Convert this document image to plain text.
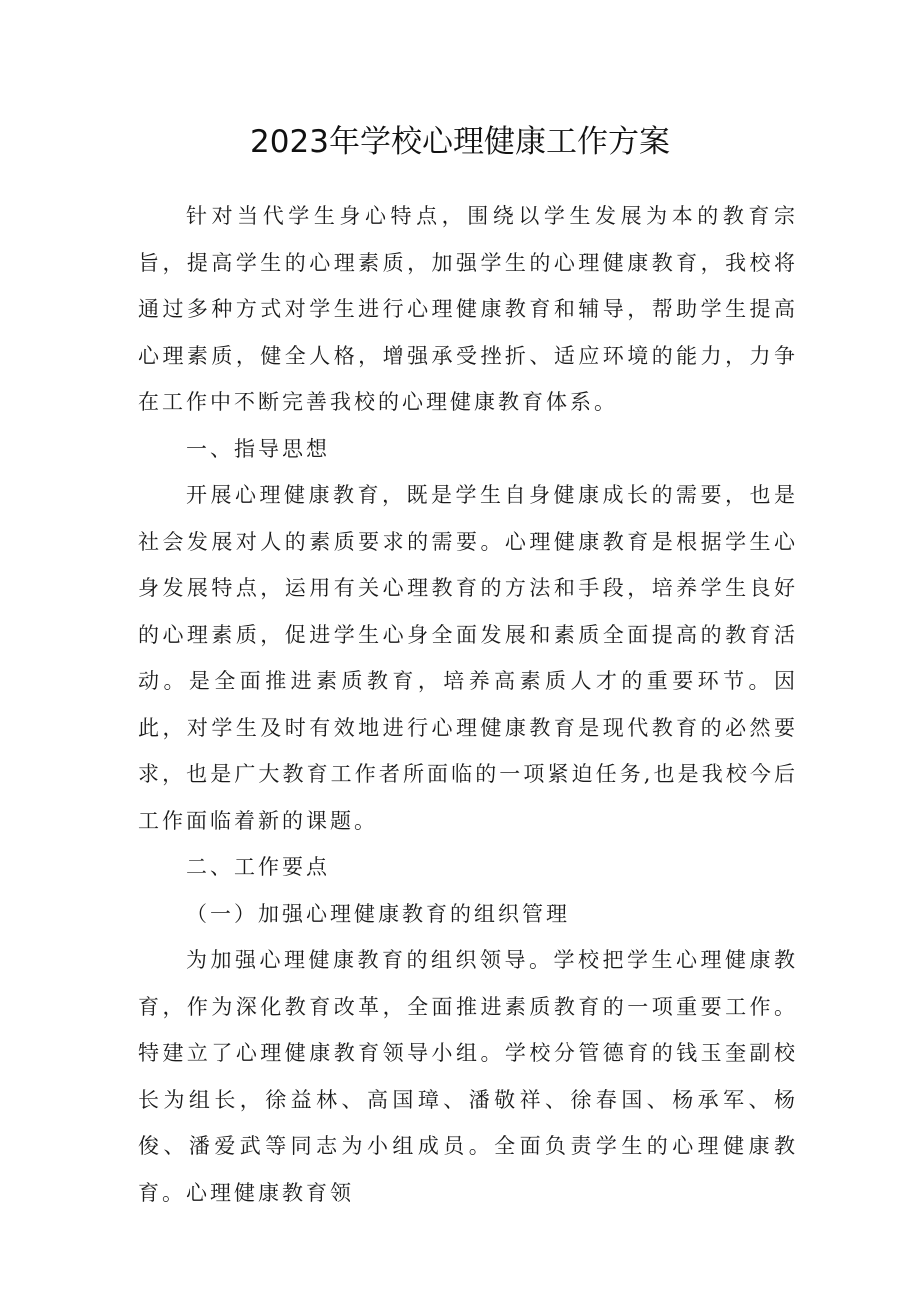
2023年学校心理健康工作方案

针对当代学生身心特点，围绕以学生发展为本的教育宗旨，提高学生的心理素质，加强学生的心理健康教育，我校将通过多种方式对学生进行心理健康教育和辅导，帮助学生提高心理素质，健全人格，增强承受挫折、适应环境的能力，力争在工作中不断完善我校的心理健康教育体系。

一、指导思想

开展心理健康教育，既是学生自身健康成长的需要，也是社会发展对人的素质要求的需要。心理健康教育是根据学生心身发展特点，运用有关心理教育的方法和手段，培养学生良好的心理素质，促进学生心身全面发展和素质全面提高的教育活动。是全面推进素质教育，培养高素质人才的重要环节。因此，对学生及时有效地进行心理健康教育是现代教育的必然要求，也是广大教育工作者所面临的一项紧迫任务,也是我校今后工作面临着新的课题。

二、工作要点

（一）加强心理健康教育的组织管理

为加强心理健康教育的组织领导。学校把学生心理健康教育，作为深化教育改革，全面推进素质教育的一项重要工作。特建立了心理健康教育领导小组。学校分管德育的钱玉奎副校长为组长，徐益林、高国璋、潘敬祥、徐春国、杨承军、杨俊、潘爱武等同志为小组成员。全面负责学生的心理健康教育。心理健康教育领
